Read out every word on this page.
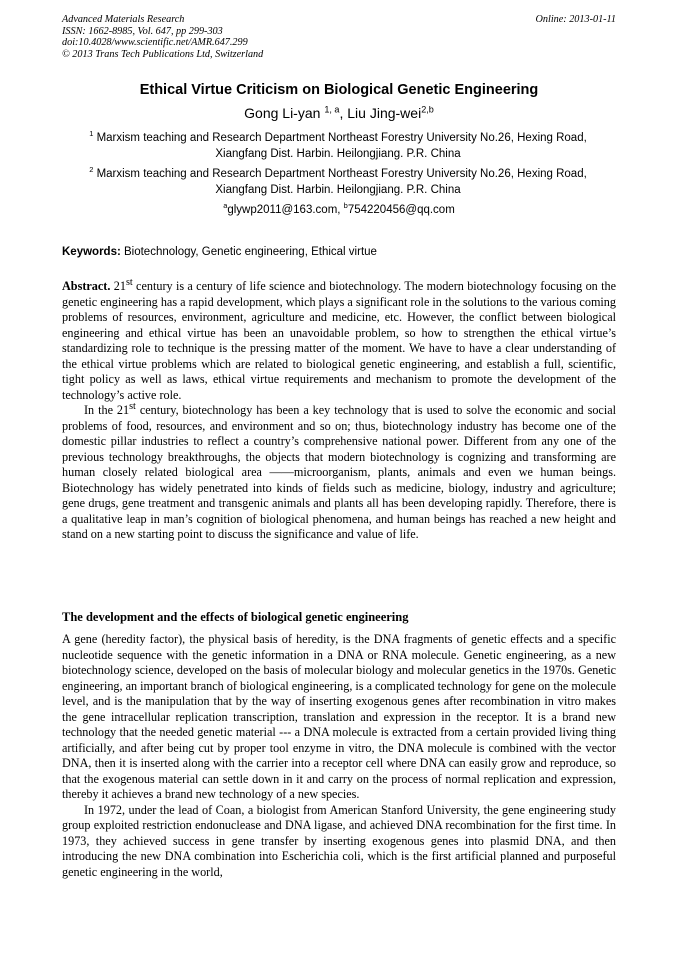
Advanced Materials Research
ISSN: 1662-8985, Vol. 647, pp 299-303
doi:10.4028/www.scientific.net/AMR.647.299
© 2013 Trans Tech Publications Ltd, Switzerland
Online: 2013-01-11
Ethical Virtue Criticism on Biological Genetic Engineering
Gong Li-yan $^{1, a}$, Liu Jing-wei$^{2,b}$
$^1$ Marxism teaching and Research Department Northeast Forestry University No.26, Hexing Road,
Xiangfang Dist. Harbin. Heilongjiang. P.R. China
$^2$ Marxism teaching and Research Department Northeast Forestry University No.26, Hexing Road,
Xiangfang Dist. Harbin. Heilongjiang. P.R. China
$^a$glywp2011@163.com, $^b$754220456@qq.com
Keywords: Biotechnology, Genetic engineering, Ethical virtue

Abstract. 21st century is a century of life science and biotechnology. The modern biotechnology focusing on the genetic engineering has a rapid development, which plays a significant role in the solutions to the various coming problems of resources, environment, agriculture and medicine, etc. However, the conflict between biological engineering and ethical virtue has been an unavoidable problem, so how to strengthen the ethical virtue’s standardizing role to technique is the pressing matter of the moment. We have to have a clear understanding of the ethical virtue problems which are related to biological genetic engineering, and establish a full, scientific, tight policy as well as laws, ethical virtue requirements and mechanism to promote the development of the technology’s active role.

In the 21st century, biotechnology has been a key technology that is used to solve the economic and social problems of food, resources, and environment and so on; thus, biotechnology industry has become one of the domestic pillar industries to reflect a country’s comprehensive national power. Different from any one of the previous technology breakthroughs, the objects that modern biotechnology is cognizing and transforming are human closely related biological area ——microorganism, plants, animals and even we human beings. Biotechnology has widely penetrated into kinds of fields such as medicine, biology, industry and agriculture; gene drugs, gene treatment and transgenic animals and plants all has been developing rapidly. Therefore, there is a qualitative leap in man’s cognition of biological phenomena, and human beings has reached a new height and stand on a new starting point to discuss the significance and value of life.

The development and the effects of biological genetic engineering

A gene (heredity factor), the physical basis of heredity, is the DNA fragments of genetic effects and a specific nucleotide sequence with the genetic information in a DNA or RNA molecule. Genetic engineering, as a new biotechnology science, developed on the basis of molecular biology and molecular genetics in the 1970s. Genetic engineering, an important branch of biological engineering, is a complicated technology for gene on the molecule level, and is the manipulation that by the way of inserting exogenous genes after recombination in vitro makes the gene intracellular replication transcription, translation and expression in the receptor. It is a brand new technology that the needed genetic material --- a DNA molecule is extracted from a certain provided living thing artificially, and after being cut by proper tool enzyme in vitro, the DNA molecule is combined with the vector DNA, then it is inserted along with the carrier into a receptor cell where DNA can easily grow and reproduce, so that the exogenous material can settle down in it and carry on the process of normal replication and expression, thereby it achieves a brand new technology of a new species.

In 1972, under the lead of Coan, a biologist from American Stanford University, the gene engineering study group exploited restriction endonuclease and DNA ligase, and achieved DNA recombination for the first time. In 1973, they achieved success in gene transfer by inserting exogenous genes into plasmid DNA, and then introducing the new DNA combination into Escherichia coli, which is the first artificial planned and purposeful genetic engineering in the world,
